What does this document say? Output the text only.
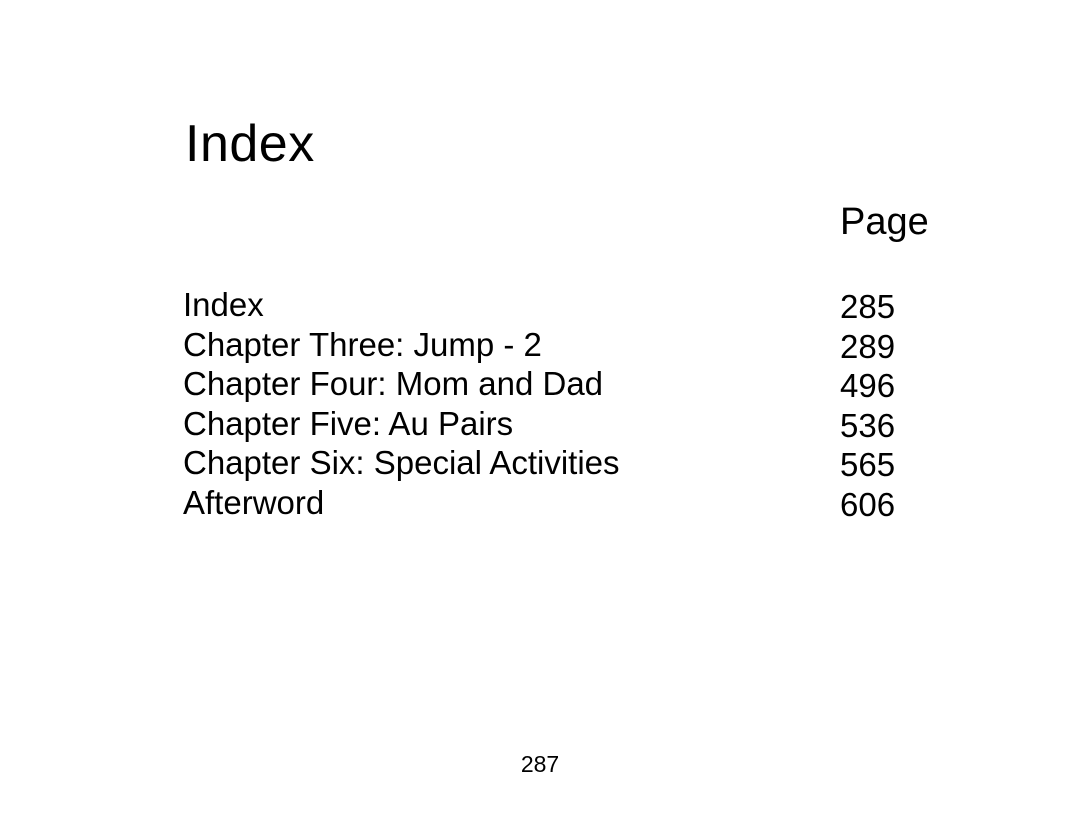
Index
Page
Index	285
Chapter Three: Jump - 2	289
Chapter Four: Mom and Dad	496
Chapter Five: Au Pairs	536
Chapter Six: Special Activities	565
Afterword	606
287
